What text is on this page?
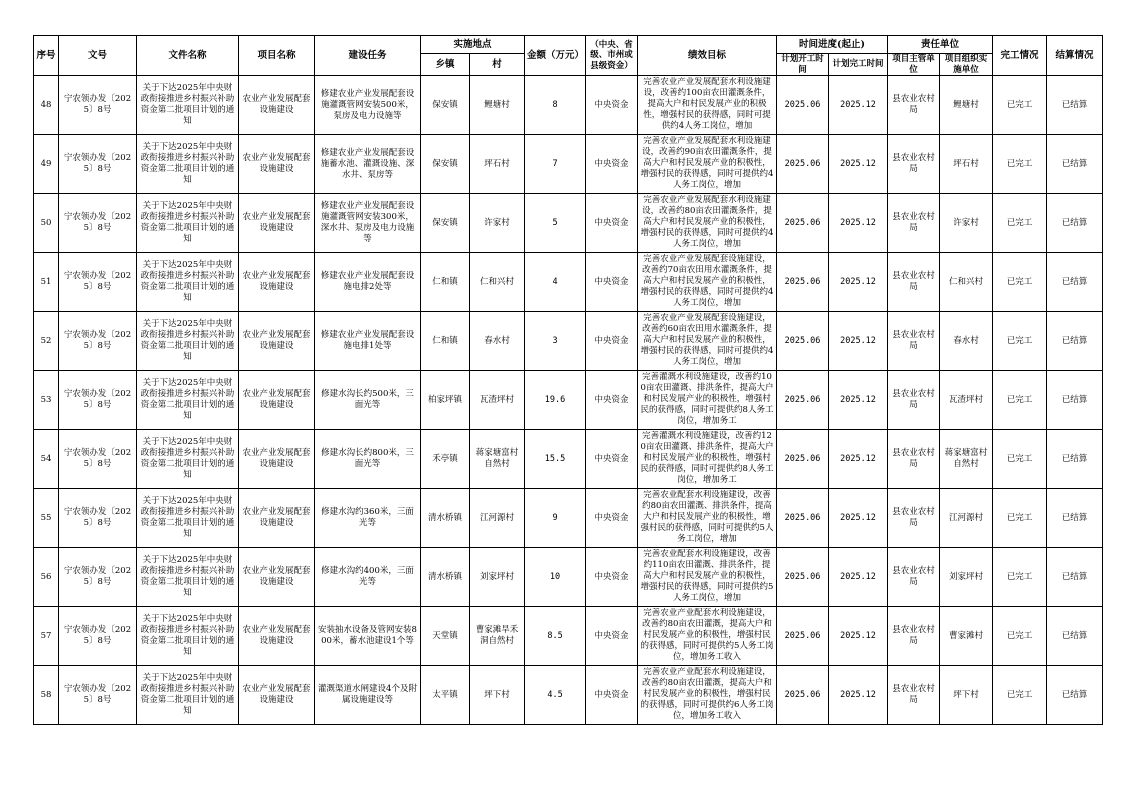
序号	文号	文件名称	项目名称	建设任务	实施地点		金额（万元）	（中央、省级、市州或县级资金）	绩效目标	时间进度(起止)		责任单位		完工情况	结算情况
					乡镇	村				计划开工时间	计划完工时间	项目主管单位	项目组织实施单位		
48	宁农领办发〔2025〕8号	关于下达2025年中央财政衔接推进乡村振兴补助资金第二批项目计划的通知	农业产业发展配套设施建设	修建农业产业发展配套设施灌溉管网安装500米，泵房及电力设施等	保安镇	鲤塘村	8	中央资金	完善农业产业发展配套水利设施建设，改善约100亩农田灌溉条件，提高大户和村民发展产业的积极性，增强村民的获得感，同时可提供约4人务工岗位，增加	2025.06	2025.12	县农业农村局	鲤塘村	已完工	已结算
49	宁农领办发〔2025〕8号	关于下达2025年中央财政衔接推进乡村振兴补助资金第二批项目计划的通知	农业产业发展配套设施建设	修建农业产业发展配套设施蓄水池、灌溉设施、深水井、泵房等	保安镇	坪石村	7	中央资金	完善农业产业发展配套水利设施建设，改善约90亩农田灌溉条件，提高大户和村民发展产业的积极性，增强村民的获得感，同时可提供约4人务工岗位，增加	2025.06	2025.12	县农业农村局	坪石村	已完工	已结算
50	宁农领办发〔2025〕8号	关于下达2025年中央财政衔接推进乡村振兴补助资金第二批项目计划的通知	农业产业发展配套设施建设	修建农业产业发展配套设施灌溉管网安装300米，深水井、泵房及电力设施等	保安镇	许家村	5	中央资金	完善农业产业发展配套水利设施建设，改善约80亩农田灌溉条件，提高大户和村民发展产业的积极性，增强村民的获得感，同时可提供约4人务工岗位，增加	2025.06	2025.12	县农业农村局	许家村	已完工	已结算
51	宁农领办发〔2025〕8号	关于下达2025年中央财政衔接推进乡村振兴补助资金第二批项目计划的通知	农业产业发展配套设施建设	修建农业产业发展配套设施电排2处等	仁和镇	仁和兴村	4	中央资金	完善农业产业发展配套设施建设，改善约70亩农田用水灌溉条件，提高大户和村民发展产业的积极性，增强村民的获得感，同时可提供约4人务工岗位，增加	2025.06	2025.12	县农业农村局	仁和兴村	已完工	已结算
52	宁农领办发〔2025〕8号	关于下达2025年中央财政衔接推进乡村振兴补助资金第二批项目计划的通知	农业产业发展配套设施建设	修建农业产业发展配套设施电排1处等	仁和镇	春水村	3	中央资金	完善农业产业发展配套设施建设，改善约60亩农田用水灌溉条件，提高大户和村民发展产业的积极性，增强村民的获得感，同时可提供约4人务工岗位，增加	2025.06	2025.12	县农业农村局	春水村	已完工	已结算
53	宁农领办发〔2025〕8号	关于下达2025年中央财政衔接推进乡村振兴补助资金第二批项目计划的通知	农业产业发展配套设施建设	修建水沟长约500米，三面光等	柏家坪镇	瓦渣坪村	19.6	中央资金	完善灌溉水利设施建设，改善约100亩农田灌溉、排洪条件，提高大户和村民发展产业的积极性，增强村民的获得感，同时可提供约8人务工岗位，增加务工	2025.06	2025.12	县农业农村局	瓦渣坪村	已完工	已结算
54	宁农领办发〔2025〕8号	关于下达2025年中央财政衔接推进乡村振兴补助资金第二批项目计划的通知	农业产业发展配套设施建设	修建水沟长约800米，三面光等	禾亭镇	蒋家塘富村自然村	15.5	中央资金	完善灌溉水利设施建设，改善约120亩农田灌溉、排洪条件，提高大户和村民发展产业的积极性，增强村民的获得感，同时可提供约8人务工岗位，增加务工	2025.06	2025.12	县农业农村局	蒋家塘富村自然村	已完工	已结算
55	宁农领办发〔2025〕8号	关于下达2025年中央财政衔接推进乡村振兴补助资金第二批项目计划的通知	农业产业发展配套设施建设	修建水沟约360米，三面光等	清水桥镇	江河源村	9	中央资金	完善农业配套水利设施建设，改善约80亩农田灌溉、排洪条件，提高大户和村民发展产业的积极性，增强村民的获得感，同时可提供约5人务工岗位，增加	2025.06	2025.12	县农业农村局	江河源村	已完工	已结算
56	宁农领办发〔2025〕8号	关于下达2025年中央财政衔接推进乡村振兴补助资金第二批项目计划的通知	农业产业发展配套设施建设	修建水沟约400米，三面光等	清水桥镇	刘家坪村	10	中央资金	完善农业配套水利设施建设，改善约110亩农田灌溉、排洪条件，提高大户和村民发展产业的积极性，增强村民的获得感，同时可提供约5人务工岗位，增加	2025.06	2025.12	县农业农村局	刘家坪村	已完工	已结算
57	宁农领办发〔2025〕8号	关于下达2025年中央财政衔接推进乡村振兴补助资金第二批项目计划的通知	农业产业发展配套设施建设	安装抽水设备及管网安装800米，蓄水池建设1个等	天堂镇	曹家滩旱禾洞自然村	8.5	中央资金	完善农业产业配套水利设施建设，改善约80亩农田灌溉，提高大户和村民发展产业的积极性，增强村民的获得感，同时可提供约5人务工岗位，增加务工收入	2025.06	2025.12	县农业农村局	曹家滩村	已完工	已结算
58	宁农领办发〔2025〕8号	关于下达2025年中央财政衔接推进乡村振兴补助资金第二批项目计划的通知	农业产业发展配套设施建设	灌溉渠道水闸建设4个及附属设施建设等	太平镇	坪下村	4.5	中央资金	完善农业产业配套水利设施建设，改善约80亩农田灌溉，提高大户和村民发展产业的积极性，增强村民的获得感，同时可提供约6人务工岗位，增加务工收入	2025.06	2025.12	县农业农村局	坪下村	已完工	已结算
